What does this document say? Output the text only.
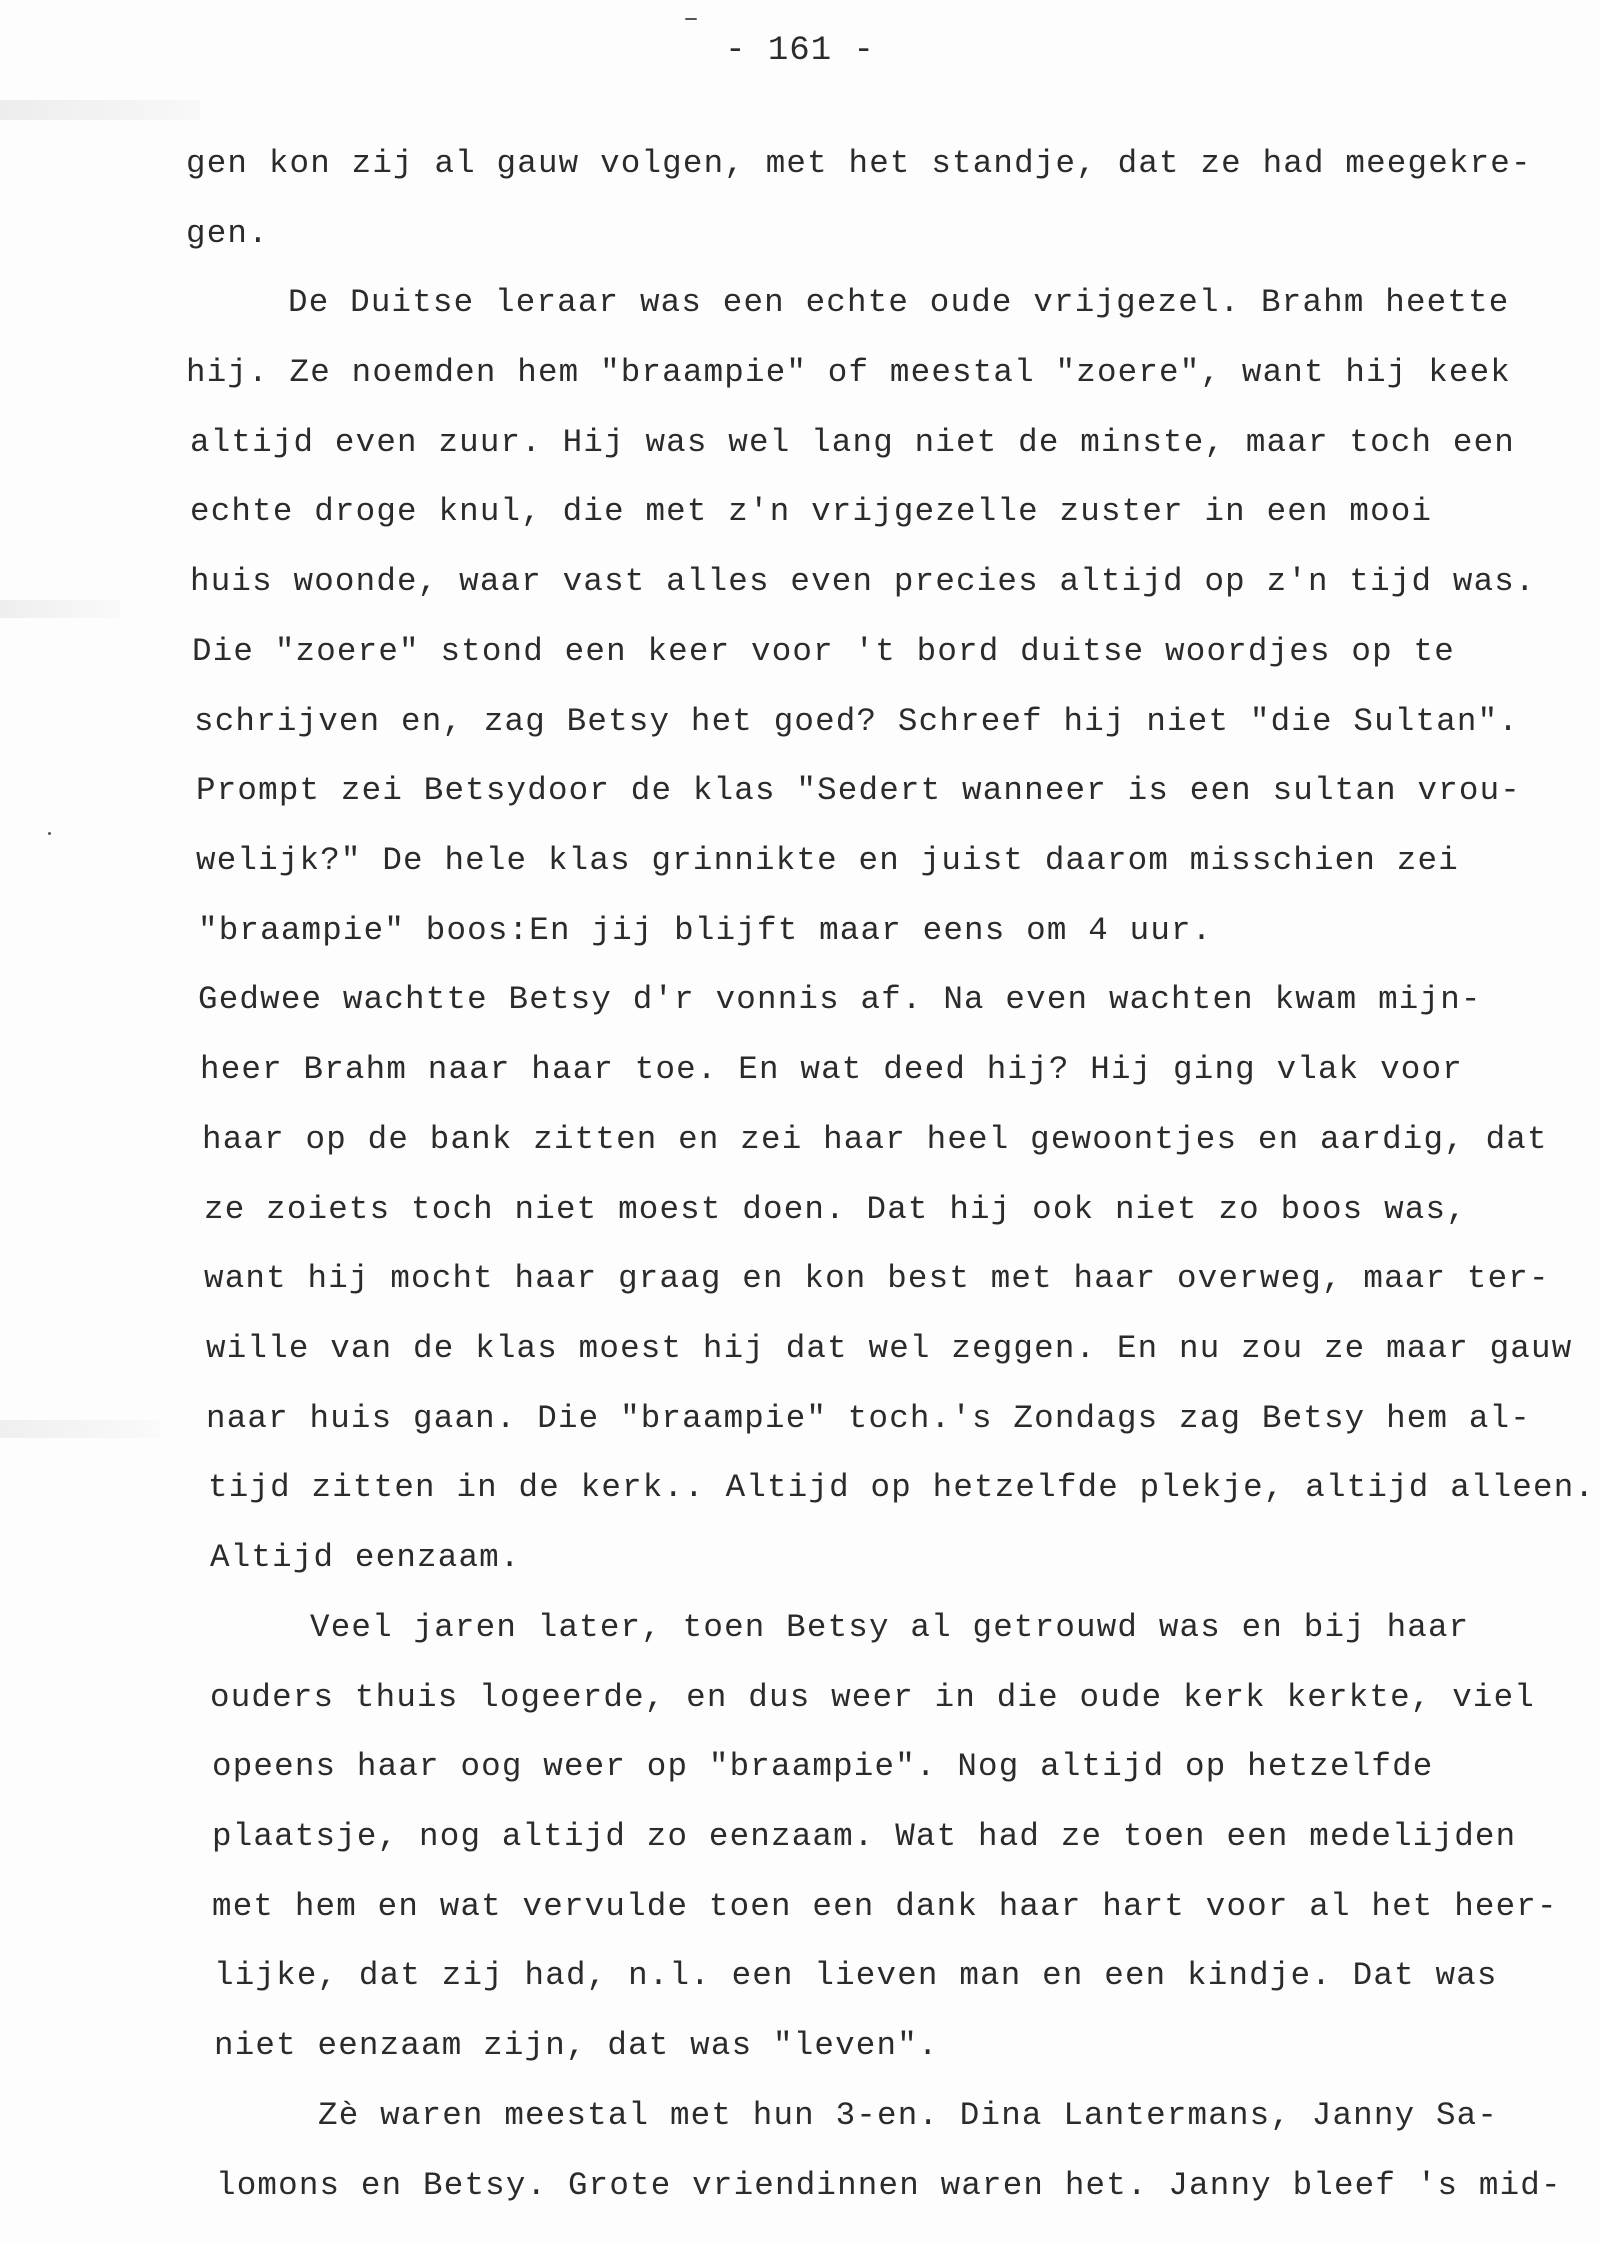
- 161 -
gen kon zij al gauw volgen, met het standje, dat ze had meegekre-
gen.
De Duitse leraar was een echte oude vrijgezel. Brahm heette
hij. Ze noemden hem "braampie" of meestal "zoere", want hij keek
altijd even zuur. Hij was wel lang niet de minste, maar toch een
echte droge knul, die met z'n vrijgezelle zuster in een mooi
huis woonde, waar vast alles even precies altijd op z'n tijd was.
Die "zoere" stond een keer voor 't bord duitse woordjes op te
schrijven en, zag Betsy het goed? Schreef hij niet "die Sultan".
Prompt zei Betsydoor de klas "Sedert wanneer is een sultan vrou-
welijk?" De hele klas grinnikte en juist daarom misschien zei
"braampie" boos:En jij blijft maar eens om 4 uur.
Gedwee wachtte Betsy d'r vonnis af. Na even wachten kwam mijn-
heer Brahm naar haar toe. En wat deed hij? Hij ging vlak voor
haar op de bank zitten en zei haar heel gewoontjes en aardig, dat
ze zoiets toch niet moest doen. Dat hij ook niet zo boos was,
want hij mocht haar graag en kon best met haar overweg, maar ter-
wille van de klas moest hij dat wel zeggen. En nu zou ze maar gauw
naar huis gaan. Die "braampie" toch.'s Zondags zag Betsy hem al-
tijd zitten in de kerk.. Altijd op hetzelfde plekje, altijd alleen.
Altijd eenzaam.
Veel jaren later, toen Betsy al getrouwd was en bij haar
ouders thuis logeerde, en dus weer in die oude kerk kerkte, viel
opeens haar oog weer op "braampie". Nog altijd op hetzelfde
plaatsje, nog altijd zo eenzaam. Wat had ze toen een medelijden
met hem en wat vervulde toen een dank haar hart voor al het heer-
lijke, dat zij had, n.l. een lieven man en een kindje. Dat was
niet eenzaam zijn, dat was "leven".
Zè waren meestal met hun 3-en. Dina Lantermans, Janny Sa-
lomons en Betsy. Grote vriendinnen waren het. Janny bleef 's mid-
